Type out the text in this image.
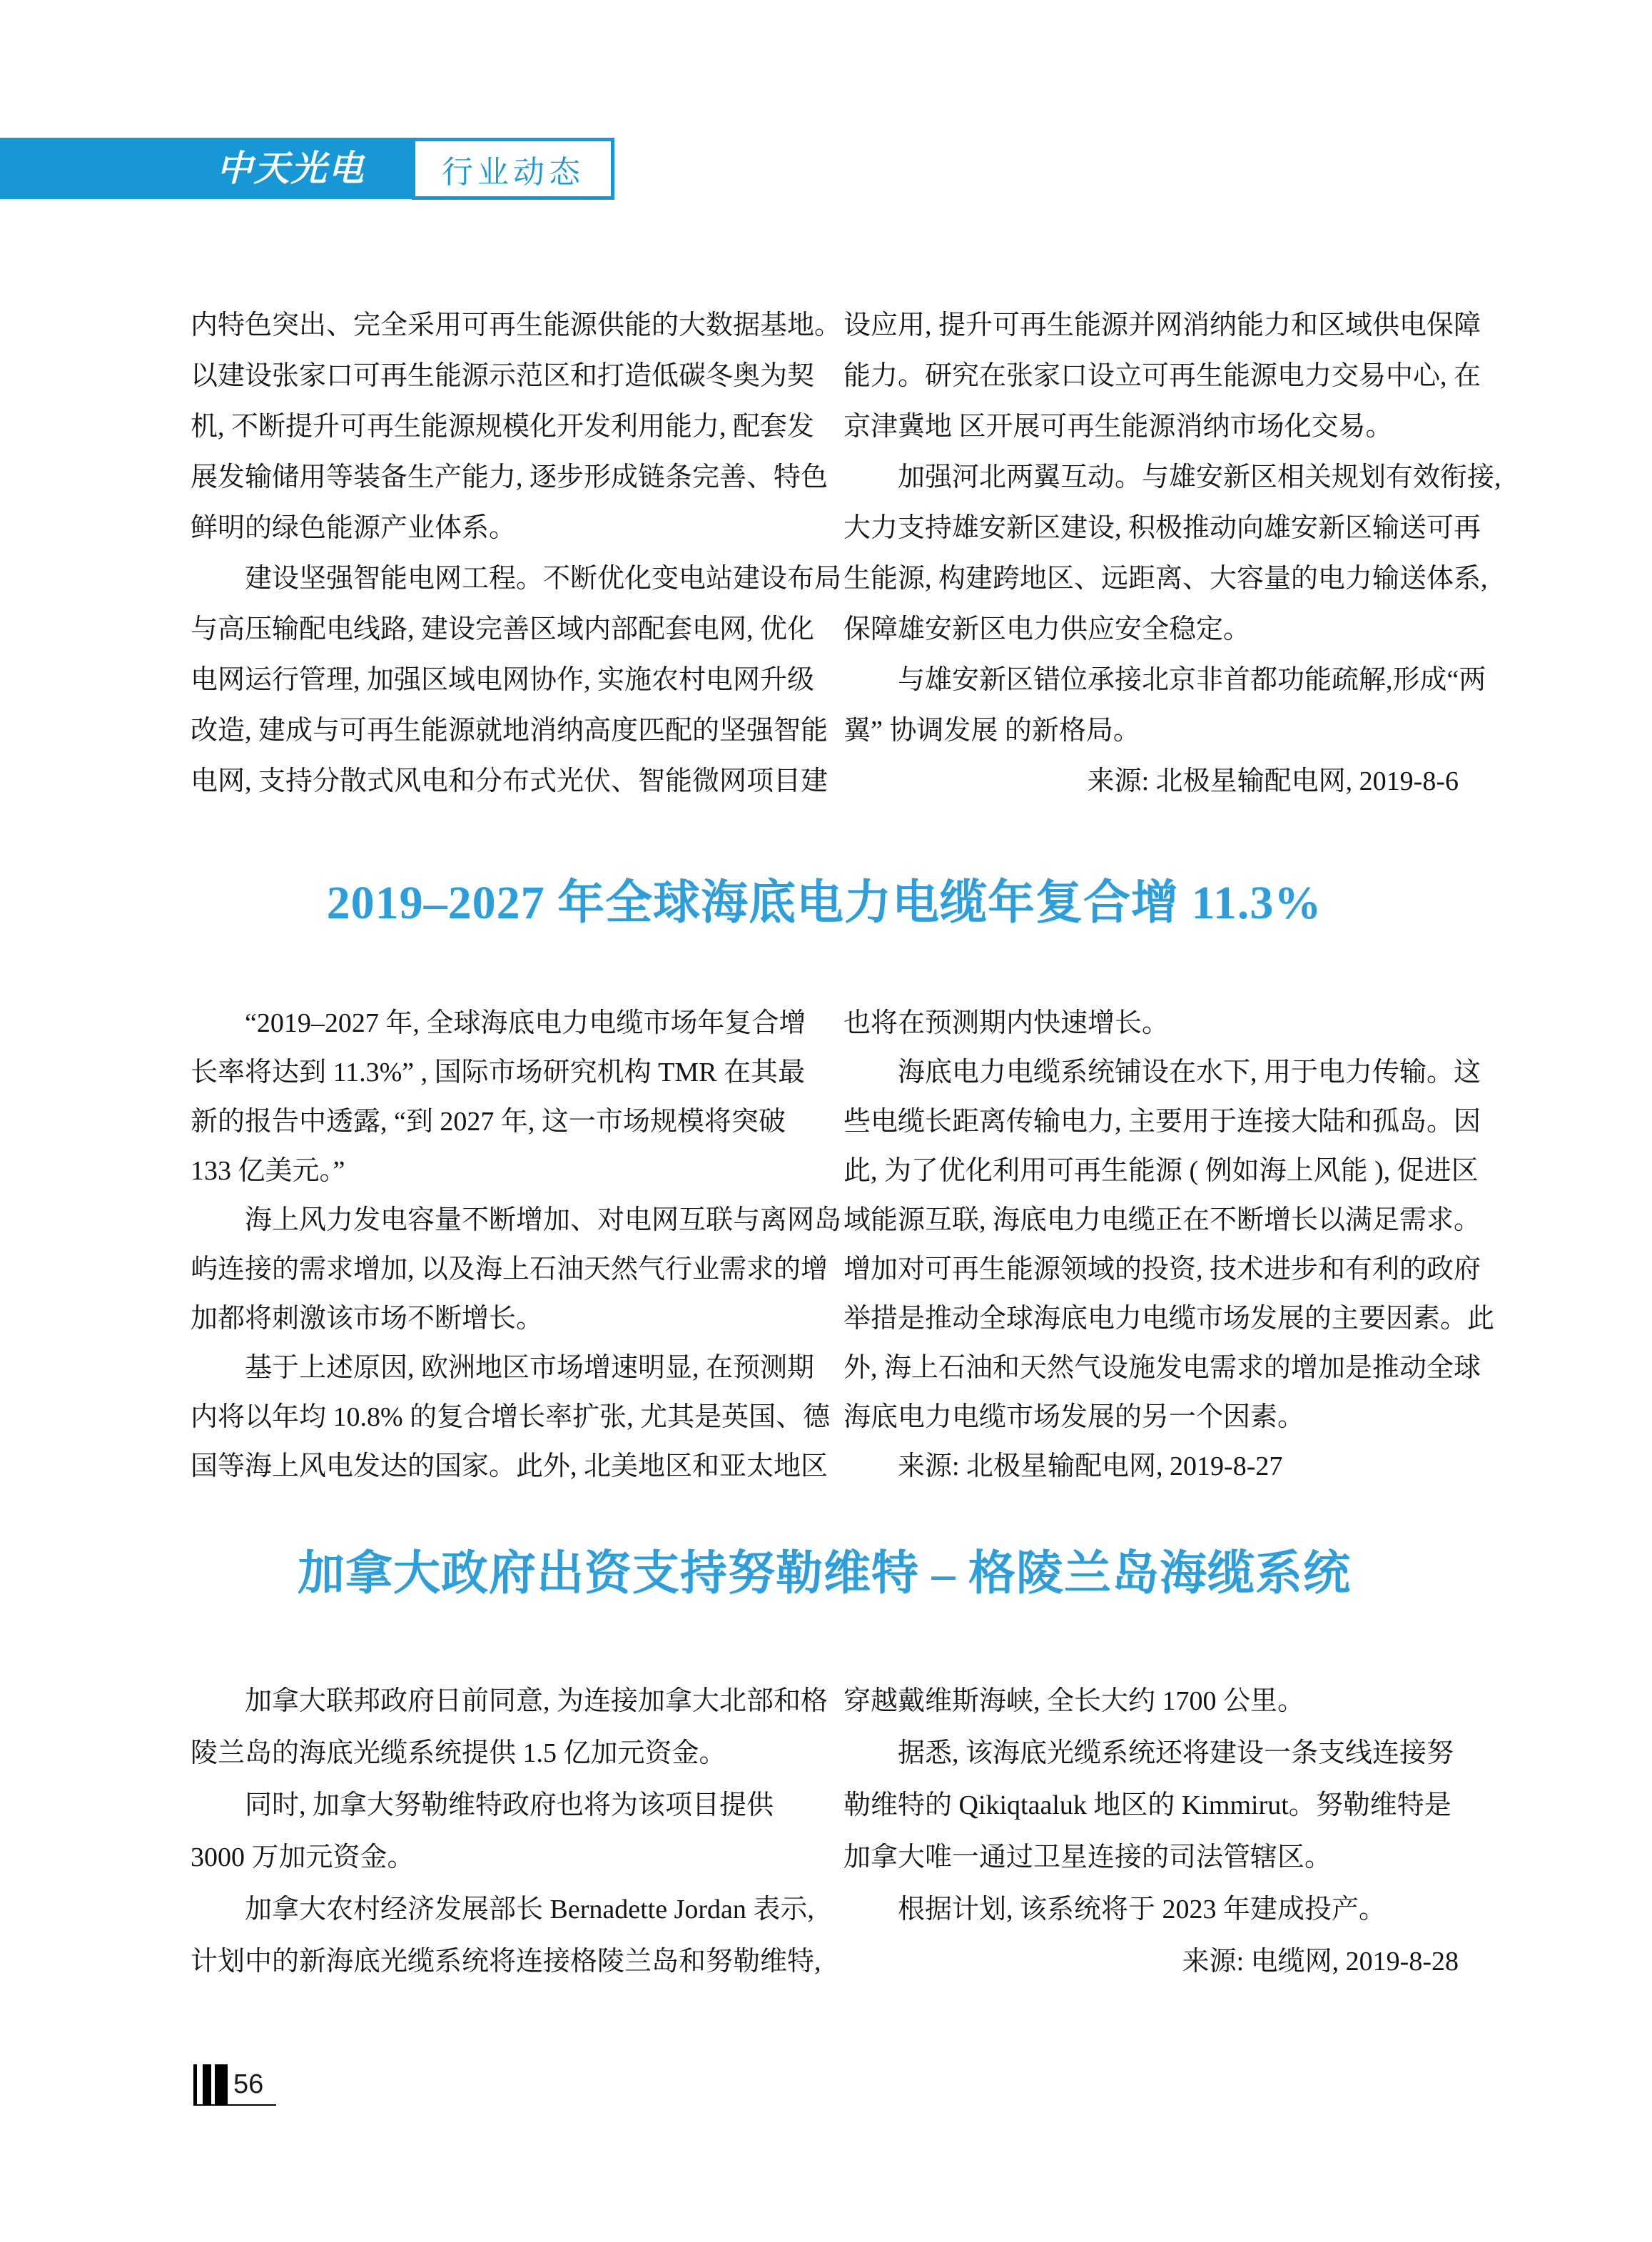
中天光电 行业动态
内特色突出、完全采用可再生能源供能的大数据基地。
以建设张家口可再生能源示范区和打造低碳冬奥为契
机, 不断提升可再生能源规模化开发利用能力, 配套发
展发输储用等装备生产能力, 逐步形成链条完善、特色
鲜明的绿色能源产业体系。
建设坚强智能电网工程。不断优化变电站建设布局
与高压输配电线路, 建设完善区域内部配套电网, 优化
电网运行管理, 加强区域电网协作, 实施农村电网升级
改造, 建成与可再生能源就地消纳高度匹配的坚强智能
电网, 支持分散式风电和分布式光伏、智能微网项目建
设应用, 提升可再生能源并网消纳能力和区域供电保障
能力。研究在张家口设立可再生能源电力交易中心, 在
京津冀地 区开展可再生能源消纳市场化交易。
加强河北两翼互动。与雄安新区相关规划有效衔接,
大力支持雄安新区建设, 积极推动向雄安新区输送可再
生能源, 构建跨地区、远距离、大容量的电力输送体系,
保障雄安新区电力供应安全稳定。
与雄安新区错位承接北京非首都功能疏解,形成“两
翼” 协调发展 的新格局。
来源: 北极星输配电网, 2019-8-6
2019–2027 年全球海底电力电缆年复合增 11.3%
“2019–2027 年, 全球海底电力电缆市场年复合增
长率将达到 11.3%” , 国际市场研究机构 TMR 在其最
新的报告中透露, “到 2027 年, 这一市场规模将突破
133 亿美元。”
海上风力发电容量不断增加、对电网互联与离网岛
屿连接的需求增加, 以及海上石油天然气行业需求的增
加都将刺激该市场不断增长。
基于上述原因, 欧洲地区市场增速明显, 在预测期
内将以年均 10.8% 的复合增长率扩张, 尤其是英国、德
国等海上风电发达的国家。此外, 北美地区和亚太地区
也将在预测期内快速增长。
海底电力电缆系统铺设在水下, 用于电力传输。这
些电缆长距离传输电力, 主要用于连接大陆和孤岛。因
此, 为了优化利用可再生能源 ( 例如海上风能 ), 促进区
域能源互联, 海底电力电缆正在不断增长以满足需求。
增加对可再生能源领域的投资, 技术进步和有利的政府
举措是推动全球海底电力电缆市场发展的主要因素。此
外, 海上石油和天然气设施发电需求的增加是推动全球
海底电力电缆市场发展的另一个因素。
来源: 北极星输配电网, 2019-8-27
加拿大政府出资支持努勒维特 – 格陵兰岛海缆系统
加拿大联邦政府日前同意, 为连接加拿大北部和格
陵兰岛的海底光缆系统提供 1.5 亿加元资金。
同时, 加拿大努勒维特政府也将为该项目提供
3000 万加元资金。
加拿大农村经济发展部长 Bernadette Jordan 表示,
计划中的新海底光缆系统将连接格陵兰岛和努勒维特,
穿越戴维斯海峡, 全长大约 1700 公里。
据悉, 该海底光缆系统还将建设一条支线连接努
勒维特的 Qikiqtaaluk 地区的 Kimmirut。努勒维特是
加拿大唯一通过卫星连接的司法管辖区。
根据计划, 该系统将于 2023 年建成投产。
来源: 电缆网, 2019-8-28
56
